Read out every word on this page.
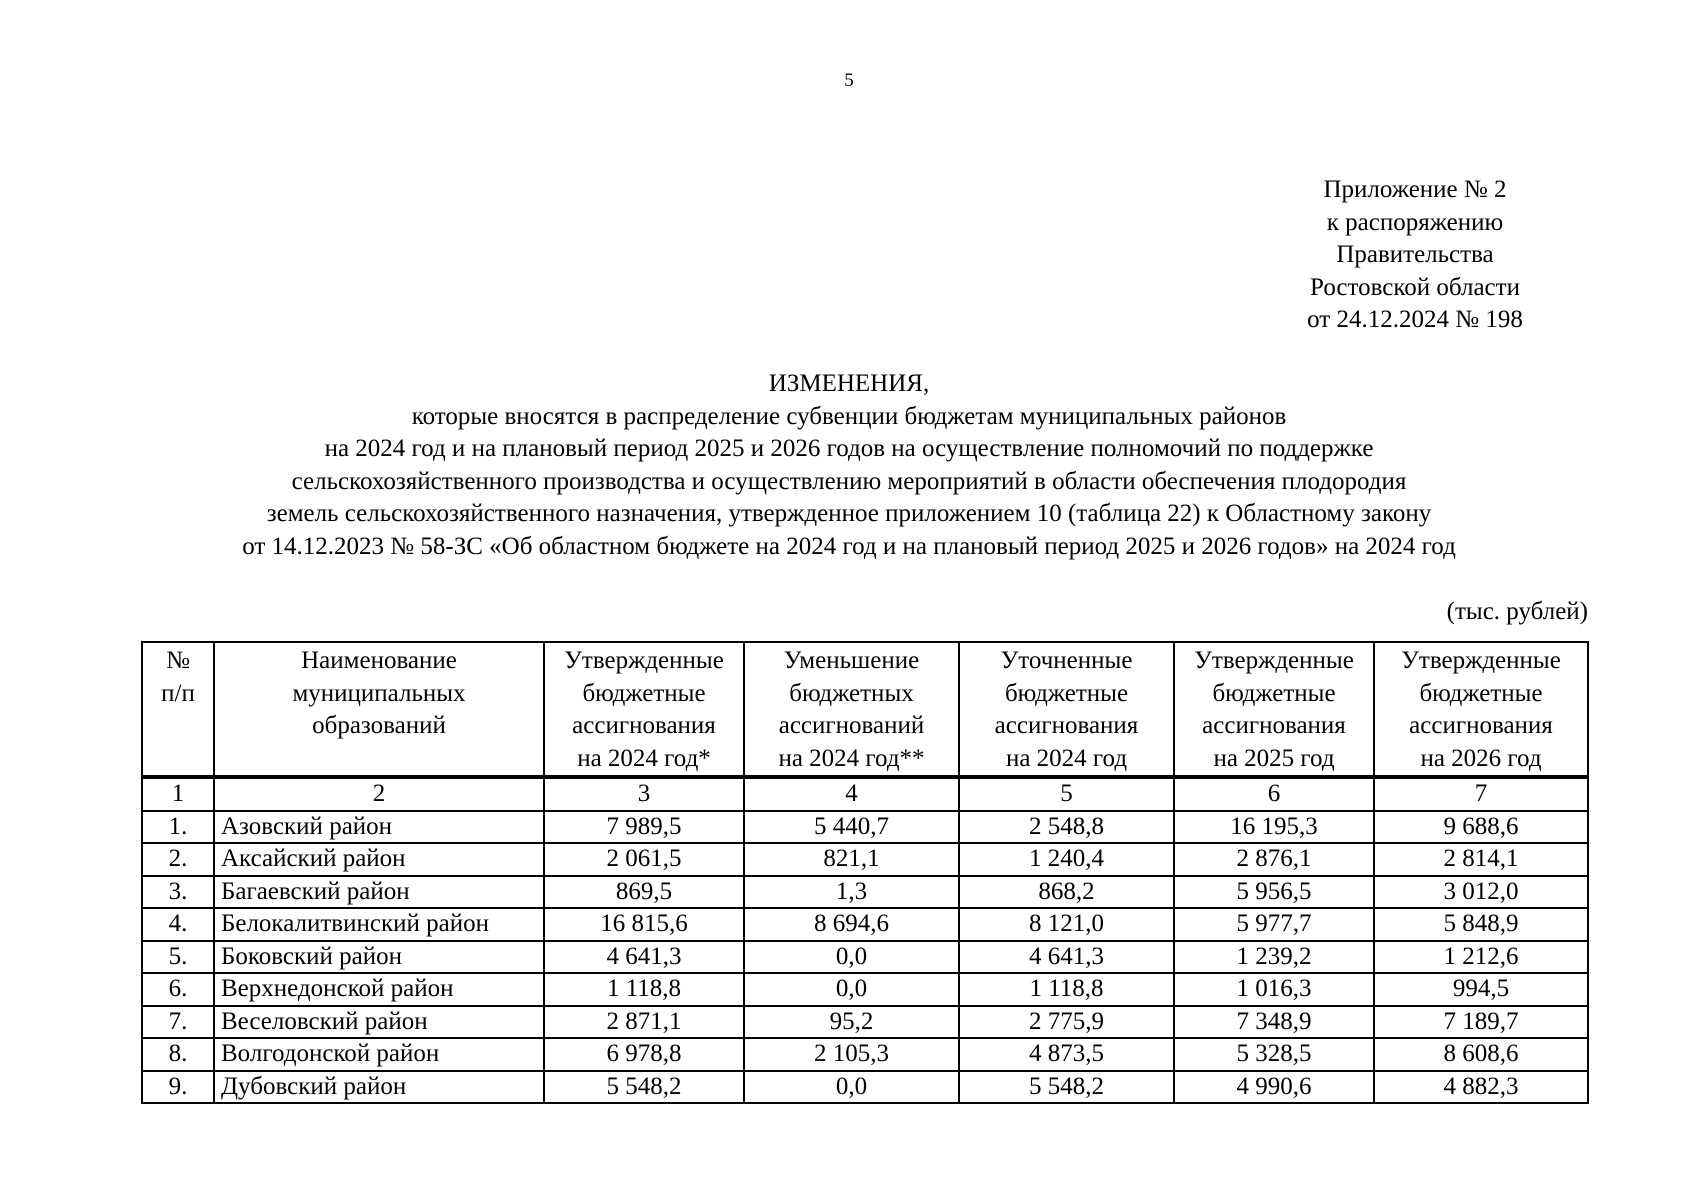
5
Приложение № 2
к распоряжению
Правительства
Ростовской области
от 24.12.2024 № 198
ИЗМЕНЕНИЯ,
которые вносятся в распределение субвенции бюджетам муниципальных районов
на 2024 год и на плановый период 2025 и 2026 годов на осуществление полномочий по поддержке
сельскохозяйственного производства и осуществлению мероприятий в области обеспечения плодородия
земель сельскохозяйственного назначения, утвержденное приложением 10 (таблица 22) к Областному закону
от 14.12.2023 № 58-ЗС «Об областном бюджете на 2024 год и на плановый период 2025 и 2026 годов» на 2024 год
(тыс. рублей)
№
п/п	Наименование
муниципальных
образований	Утвержденные
бюджетные
ассигнования
на 2024 год*	Уменьшение
бюджетных
ассигнований
на 2024 год**	Уточненные
бюджетные
ассигнования
на 2024 год	Утвержденные
бюджетные
ассигнования
на 2025 год	Утвержденные
бюджетные
ассигнования
на 2026 год

1	2	3	4	5	6	7
1.	Азовский район	7 989,5	5 440,7	2 548,8	16 195,3	9 688,6
2.	Аксайский район	2 061,5	821,1	1 240,4	2 876,1	2 814,1
3.	Багаевский район	869,5	1,3	868,2	5 956,5	3 012,0
4.	Белокалитвинский район	16 815,6	8 694,6	8 121,0	5 977,7	5 848,9
5.	Боковский район	4 641,3	0,0	4 641,3	1 239,2	1 212,6
6.	Верхнедонской район	1 118,8	0,0	1 118,8	1 016,3	994,5
7.	Веселовский район	2 871,1	95,2	2 775,9	7 348,9	7 189,7
8.	Волгодонской район	6 978,8	2 105,3	4 873,5	5 328,5	8 608,6
9.	Дубовский район	5 548,2	0,0	5 548,2	4 990,6	4 882,3
